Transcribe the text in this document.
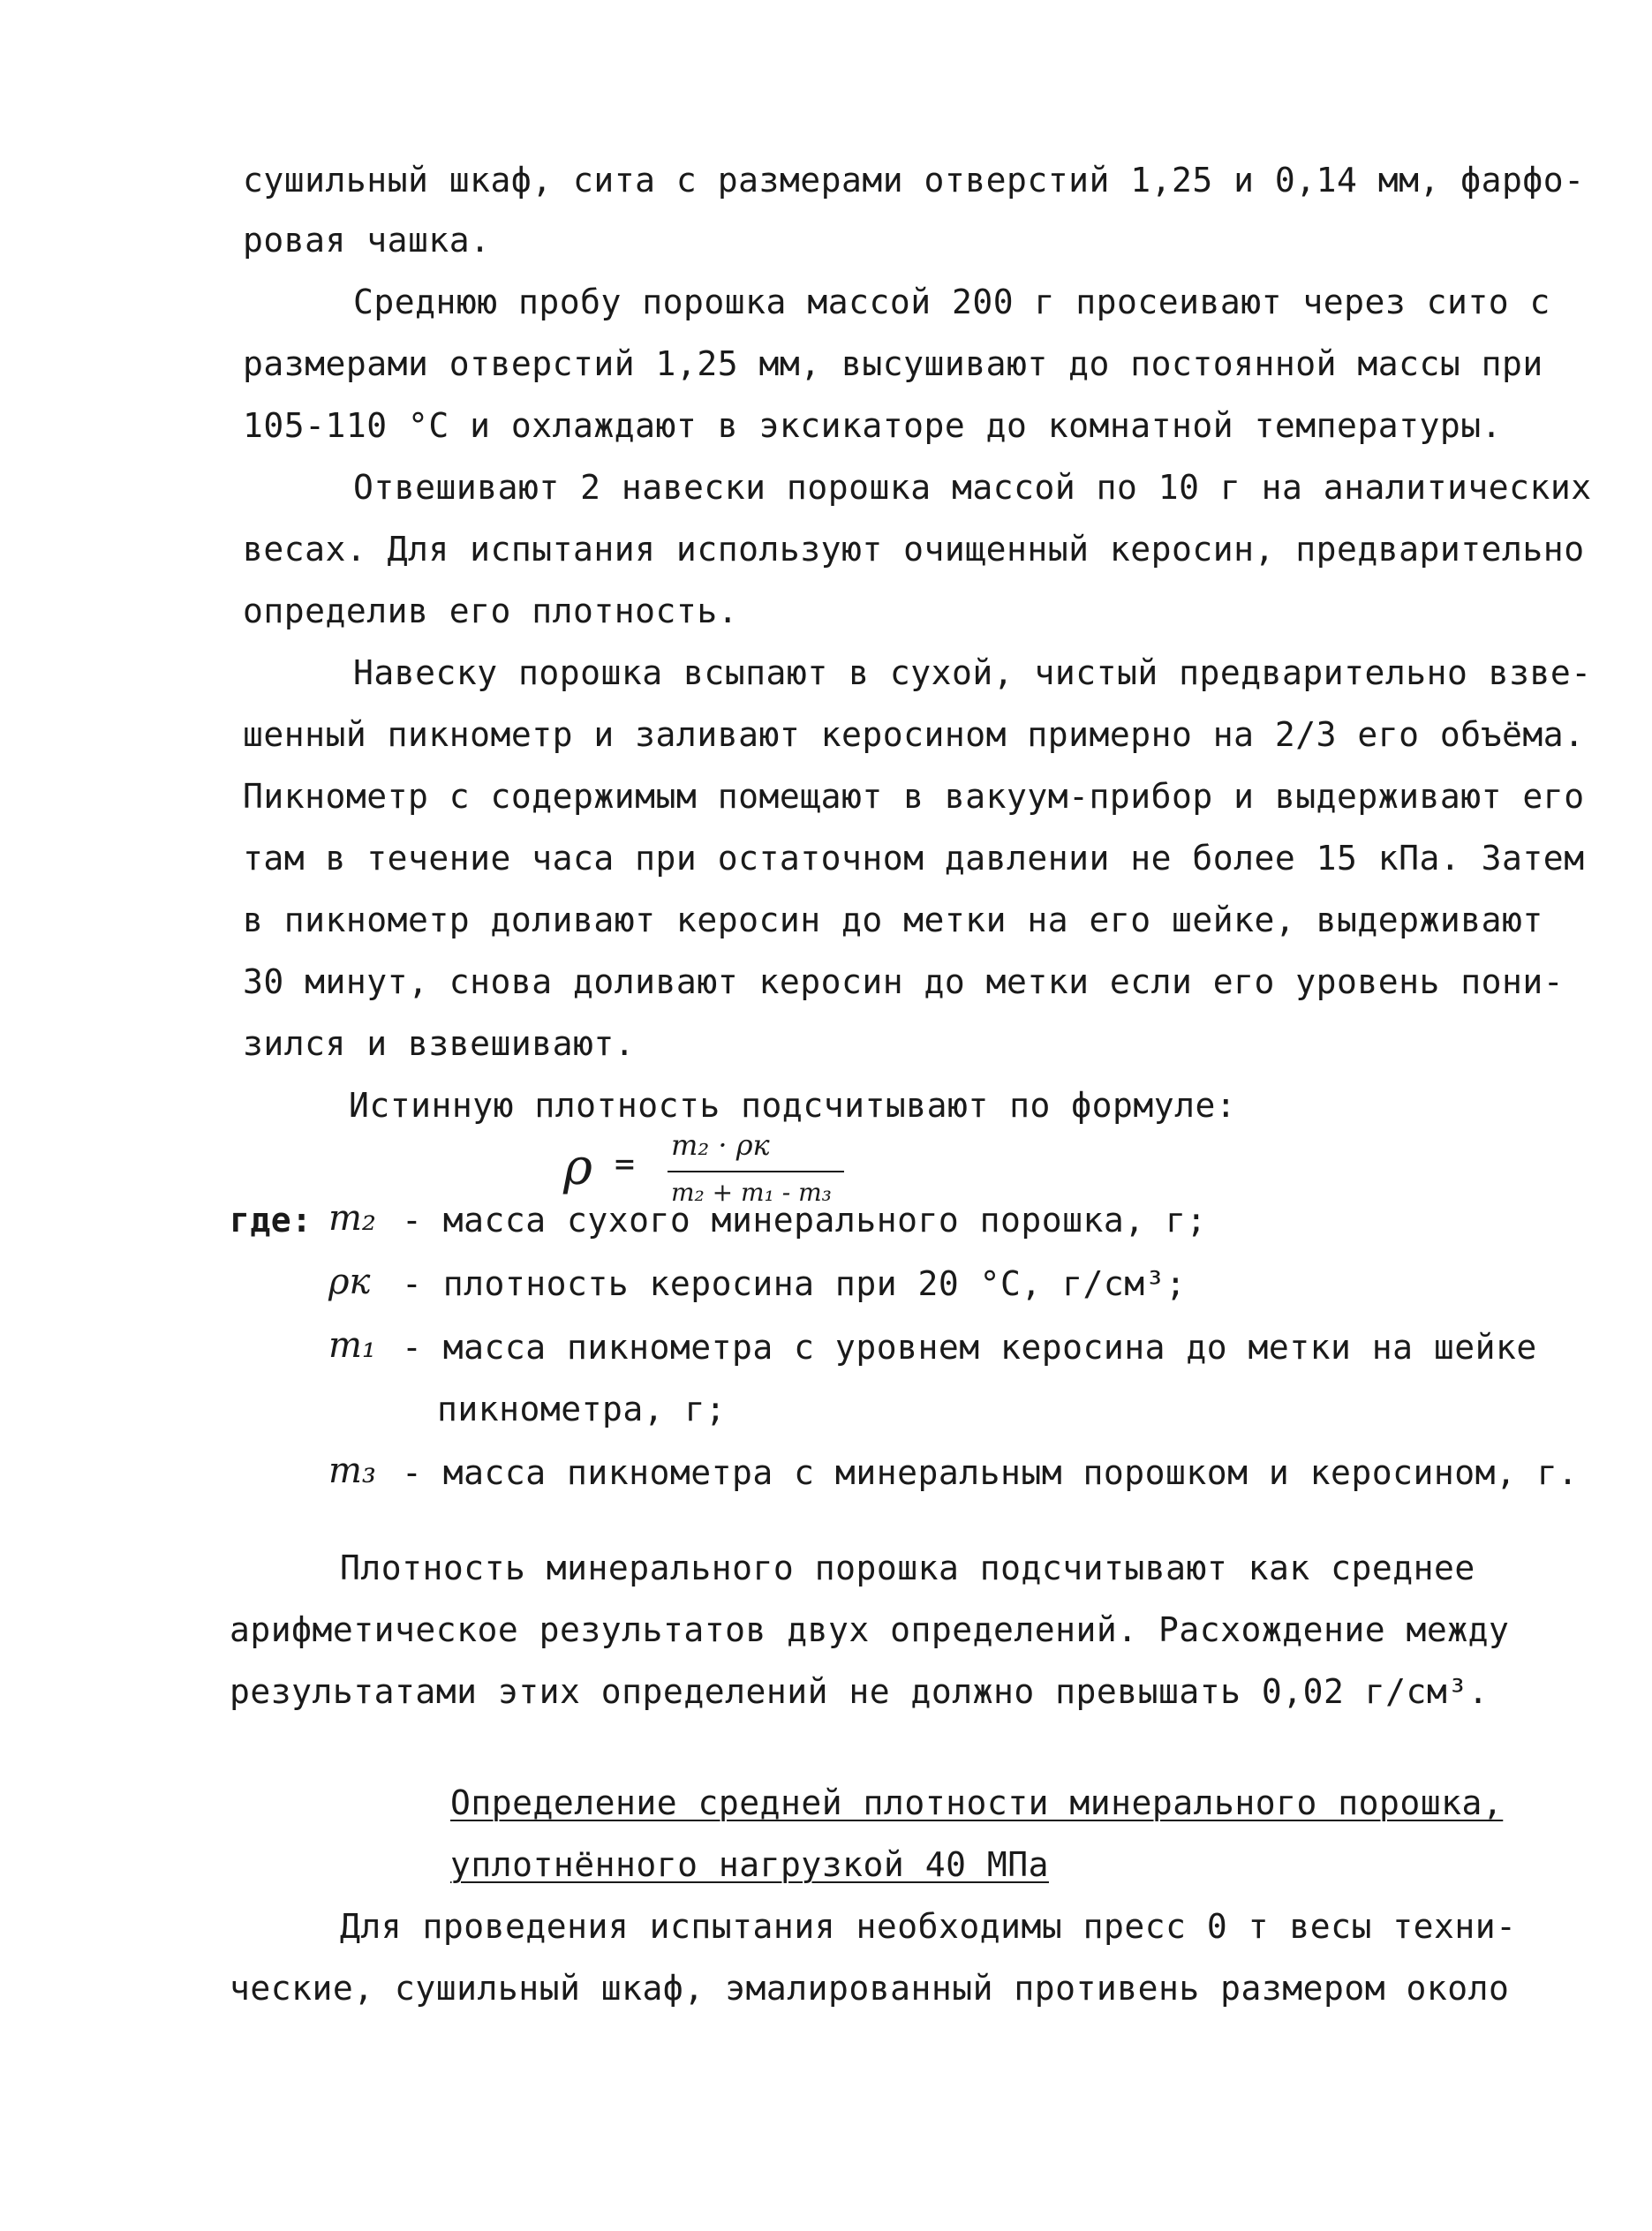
сушильный шкаф, сита с размерами отверстий 1,25 и 0,14 мм, фарфо-
ровая чашка.
Среднюю пробу порошка массой 200 г просеивают через сито с
размерами отверстий 1,25 мм, высушивают до постоянной массы при
105-110 °С и охлаждают в эксикаторе до комнатной температуры.
Отвешивают 2 навески порошка массой по 10 г на аналитических
весах. Для испытания используют очищенный керосин, предварительно
определив его плотность.
Навеску порошка всыпают в сухой, чистый предварительно взве-
шенный пикнометр и заливают керосином примерно на 2/3 его объёма.
Пикнометр с содержимым помещают в вакуум-прибор и выдерживают его
там в течение часа при остаточном давлении не более 15 кПа. Затем
в пикнометр доливают керосин до метки на его шейке, выдерживают
30 минут, снова доливают керосин до метки если его уровень пони-
зился и взвешивают.
Истинную плотность подсчитывают по формуле:
ρ = m₂ · ρк
m₂ + m₁ - m₃
где: m₂ - масса сухого минерального порошка, г;
ρк - плотность керосина при 20 °С, г/см³;
m₁ - масса пикнометра с уровнем керосина до метки на шейке
пикнометра, г;
m₃ - масса пикнометра с минеральным порошком и керосином, г.
Плотность минерального порошка подсчитывают как среднее
арифметическое результатов двух определений. Расхождение между
результатами этих определений не должно превышать 0,02 г/см³.
Определение средней плотности минерального порошка,
уплотнённого нагрузкой 40 МПа
Для проведения испытания необходимы пресс 0 т весы техни-
ческие, сушильный шкаф, эмалированный противень размером около
